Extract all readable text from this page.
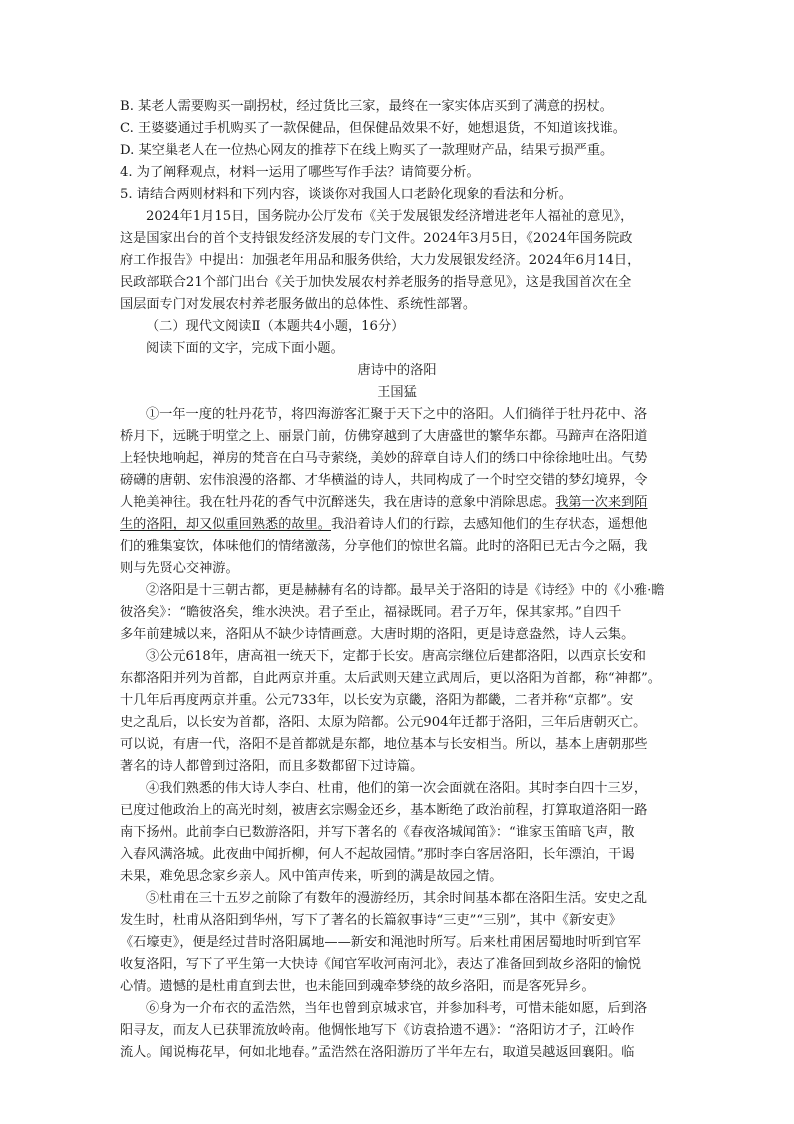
B. 某老人需要购买一副拐杖，经过货比三家，最终在一家实体店买到了满意的拐杖。
C. 王婆婆通过手机购买了一款保健品，但保健品效果不好，她想退货，不知道该找谁。
D. 某空巢老人在一位热心网友的推荐下在线上购买了一款理财产品，结果亏损严重。
4. 为了阐释观点，材料一运用了哪些写作手法？请简要分析。
5. 请结合两则材料和下列内容，谈谈你对我国人口老龄化现象的看法和分析。
2024年1月15日，国务院办公厅发布《关于发展银发经济增进老年人福祉的意见》，
这是国家出台的首个支持银发经济发展的专门文件。2024年3月5日，《2024年国务院政
府工作报告》中提出：加强老年用品和服务供给，大力发展银发经济。2024年6月14日，
民政部联合21个部门出台《关于加快发展农村养老服务的指导意见》，这是我国首次在全
国层面专门对发展农村养老服务做出的总体性、系统性部署。
（二）现代文阅读Ⅱ（本题共4小题，16分）
阅读下面的文字，完成下面小题。
唐诗中的洛阳
王国猛
①一年一度的牡丹花节，将四海游客汇聚于天下之中的洛阳。人们徜徉于牡丹花中、洛
桥月下，远眺于明堂之上、丽景门前，仿佛穿越到了大唐盛世的繁华东都。马蹄声在洛阳道
上轻快地响起，禅房的梵音在白马寺萦绕，美妙的辞章自诗人们的绣口中徐徐地吐出。气势
磅礴的唐朝、宏伟浪漫的洛都、才华横溢的诗人，共同构成了一个时空交错的梦幻境界，令
人艳美神往。我在牡丹花的香气中沉醉迷失，我在唐诗的意象中消除思虑。我第一次来到陌
生的洛阳，却又似重回熟悉的故里。我沿着诗人们的行踪，去感知他们的生存状态，遥想他
们的雅集宴饮，体味他们的情绪激荡，分享他们的惊世名篇。此时的洛阳已无古今之隔，我
则与先贤心交神游。
②洛阳是十三朝古都，更是赫赫有名的诗都。最早关于洛阳的诗是《诗经》中的《小雅·瞻
彼洛矣》：“瞻彼洛矣，维水泱泱。君子至止，福禄既同。君子万年，保其家邦。”自四千
多年前建城以来，洛阳从不缺少诗情画意。大唐时期的洛阳，更是诗意盎然，诗人云集。
③公元618年，唐高祖一统天下，定都于长安。唐高宗继位后建都洛阳，以西京长安和
东都洛阳并列为首都，自此两京并重。太后武则天建立武周后，更以洛阳为首都，称“神都”。
十几年后再度两京并重。公元733年，以长安为京畿，洛阳为都畿，二者并称“京都”。安
史之乱后，以长安为首都，洛阳、太原为陪都。公元904年迁都于洛阳，三年后唐朝灭亡。
可以说，有唐一代，洛阳不是首都就是东都，地位基本与长安相当。所以，基本上唐朝那些
著名的诗人都曾到过洛阳，而且多数都留下过诗篇。
④我们熟悉的伟大诗人李白、杜甫，他们的第一次会面就在洛阳。其时李白四十三岁，
已度过他政治上的高光时刻，被唐玄宗赐金还乡，基本断绝了政治前程，打算取道洛阳一路
南下扬州。此前李白已数游洛阳，并写下著名的《春夜洛城闻笛》：“谁家玉笛暗飞声，散
入春风满洛城。此夜曲中闻折柳，何人不起故园情。”那时李白客居洛阳，长年漂泊，干谒
未果，难免思念家乡亲人。风中笛声传来，听到的满是故园之情。
⑤杜甫在三十五岁之前除了有数年的漫游经历，其余时间基本都在洛阳生活。安史之乱
发生时，杜甫从洛阳到华州，写下了著名的长篇叙事诗“三吏”“三别”，其中《新安吏》
《石壕吏》，便是经过昔时洛阳属地——新安和渑池时所写。后来杜甫困居蜀地时听到官军
收复洛阳，写下了平生第一大快诗《闻官军收河南河北》，表达了准备回到故乡洛阳的愉悦
心情。遗憾的是杜甫直到去世，也未能回到魂牵梦绕的故乡洛阳，而是客死异乡。
⑥身为一介布衣的孟浩然，当年也曾到京城求官，并参加科考，可惜未能如愿，后到洛
阳寻友，而友人已获罪流放岭南。他惆怅地写下《访袁拾遗不遇》：“洛阳访才子，江岭作
流人。闻说梅花早，何如北地春。”孟浩然在洛阳游历了半年左右，取道吴越返回襄阳。临
